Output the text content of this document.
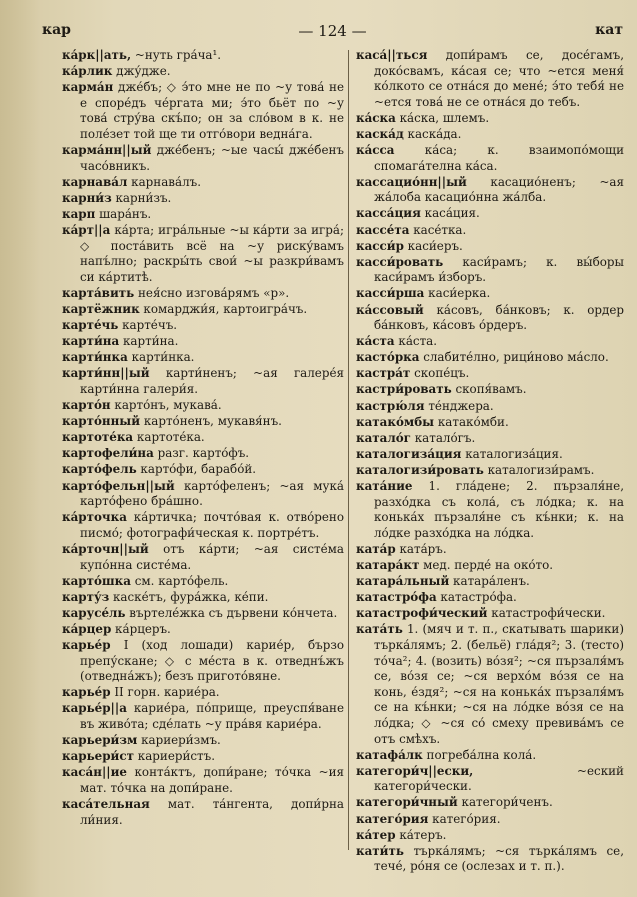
кар	— 124 —	кат

ка́рк||ать, ~нуть гра́ча¹.

ка́рлик джу́дже.

карма́н дже́бъ; ◇ э́то мне не по ~у това́ не е споре́дъ че́ргата ми; э́то бьёт по ~у това́ стру́ва скъ́по; он за сло́вом в к. не поле́зет той ще ти отго́вори ведна́га.

карма́нн||ый дже́бенъ; ~ые часы́ дже́бенъ часо́вникъ.

карнава́л карнава́лъ.

карни́з карни́зъ.

карп шара́нъ.

ка́рт||а ка́рта; игра́льные ~ы ка́рти за игра́; ◇ поста́вить всё на ~у риску́вамъ напъ́лно; раскры́ть свои́ ~ы разкри́вамъ си ка́ртитѣ.

карта́вить нея́сно изгова́рямъ «р».

картёжник комарджи́я, картоигра́чъ.

карте́чь карте́чъ.

карти́на карти́на.

карти́нка карти́нка.

карти́нн||ый карти́ненъ; ~ая галере́я карти́нна галери́я.

карто́н карто́нъ, мукава́.

карто́нный карто́ненъ, мукавя́нъ.

картоте́ка картоте́ка.

картофели́на разг. карто́фъ.

карто́фель карто́фи, барабо́й.

карто́фельн||ый карто́феленъ; ~ая мука́ карто́фено бра́шно.

ка́рточка ка́ртичка; почто́вая к. отво́рено писмо́; фотографи́ческая к. портре́тъ.

ка́рточн||ый отъ ка́рти; ~ая систе́ма купо́нна систе́ма.

карто́шка см. карто́фель.

карту́з каске́тъ, фура́жка, ке́пи.

карусе́ль въртеле́жка съ дървени ко́нчета.

ка́рцер ка́рцеръ.

карье́р I (ход лошади) карие́р, бързо препу́скане; ◇ с ме́ста в к. отведнъ́жъ (отведна́жъ); безъ пригото́вяне.

карье́р II горн. карие́ра.

карье́р||а карие́ра, по́прище, преуспя́ване въ живо́та; сде́лать ~у пра́вя карие́ра.

карьери́зм кариери́змъ.

карьери́ст кариери́стъ.

каса́н||ие конта́ктъ, допи́ране; то́чка ~ия мат. то́чка на допи́ране.

каса́тельная мат. та́нгента, допи́рна ли́ния.

каса́||ться допи́рамъ се, досе́гамъ, доко́свамъ, ка́сая се; что ~ется меня́ ко́лкото се отна́ся до мене́; э́то тебя́ не ~ется това́ не се отна́ся до тебъ.

ка́ска ка́ска, шлемъ.

каска́д каска́да.

ка́сса ка́са; к. взаимопо́мощи спомага́телна ка́са.

кассацио́нн||ый касацио́ненъ; ~ая жа́лоба касацио́нна жа́лба.

касса́ция каса́ция.

кассе́та касе́тка.

касси́р каси́еръ.

касси́ровать каси́рамъ; к. вы́боры каси́рамъ и́зборъ.

касси́рша каси́ерка.

ка́ссовый ка́совъ, ба́нковъ; к. ордер ба́нковъ, ка́совъ о́рдеръ.

ка́ста ка́ста.

касто́рка слабите́лно, рици́ново ма́сло.

кастра́т скопе́цъ.

кастри́ровать скопя́вамъ.

кастрю́ля те́нджера.

катако́мбы катако́мби.

катало́г катало́гъ.

каталогиза́ция каталогиза́ция.

каталогизи́ровать каталогизи́рамъ.

ката́ние 1. гла́дене; 2. пързаля́не, разхо́дка съ кола́, съ ло́дка; к. на конька́х пързаля́не съ къ́нки; к. на ло́дке разхо́дка на ло́дка.

ката́р ката́ръ.

катара́кт мед. перде́ на око́то.

катара́льный катара́ленъ.

катастро́фа катастро́фа.

катастрофи́ческий катастрофи́чески.

ката́ть 1. (мяч и т. п., скатывать шарики) търка́лямъ; 2. (бельё) гла́дя²; 3. (тесто) то́ча²; 4. (возить) во́зя²; ~ся пързаля́мъ се, во́зя се; ~ся верхо́м во́зя се на конь, е́здя²; ~ся на конька́х пързаля́мъ се на къ́нки; ~ся на ло́дке во́зя се на ло́дка; ◇ ~ся со́ смеху превива́мъ се отъ смѣхъ.

катафа́лк погреба́лна кола́.

категори́ч||ески, ~еский категори́чески.

категори́чный категори́ченъ.

катего́рия катего́рия.

ка́тер ка́теръ.

кати́ть търка́лямъ; ~ся търка́лямъ се, тече́, ро́ня се (ослезах и т. п.).
